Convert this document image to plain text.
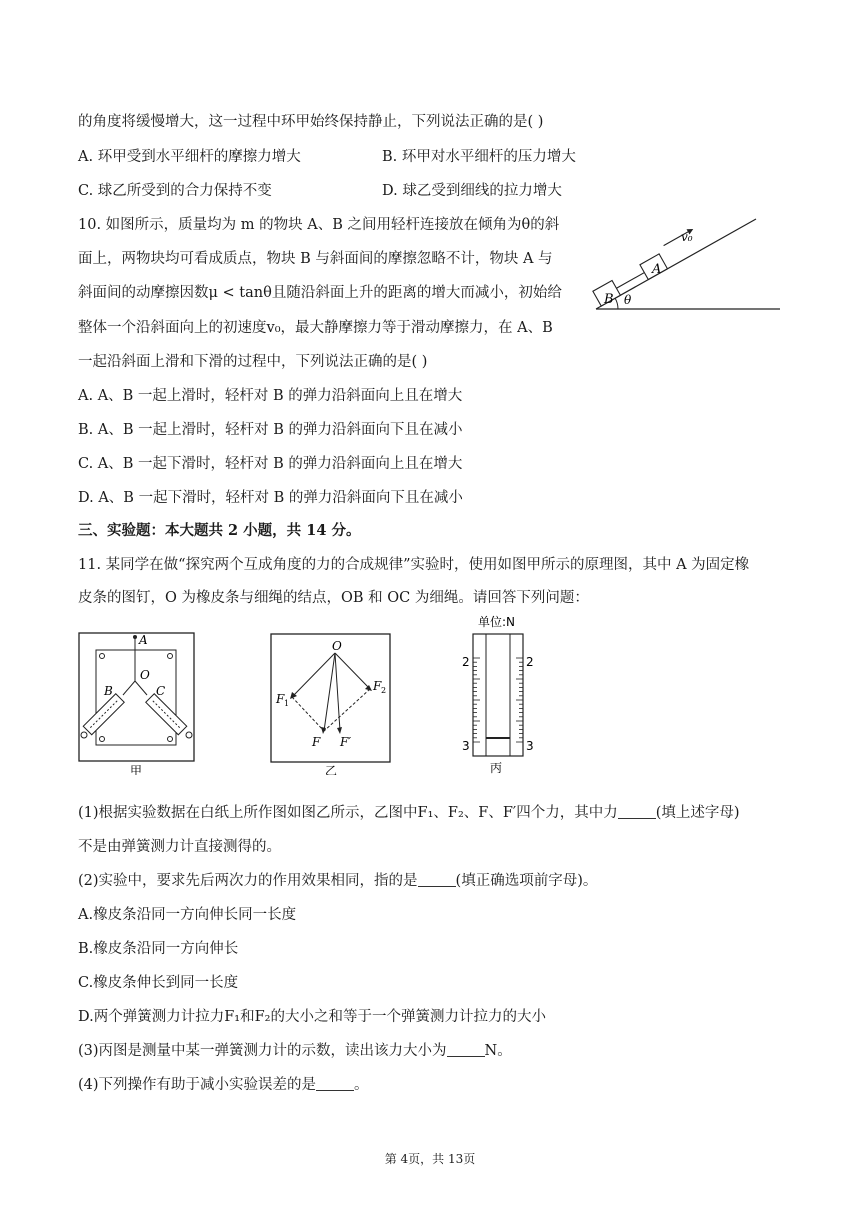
的角度将缓慢增大，这一过程中环甲始终保持静止，下列说法正确的是( )
A. 环甲受到水平细杆的摩擦力增大	B. 环甲对水平细杆的压力增大
C. 球乙所受到的合力保持不变	D. 球乙受到细线的拉力增大
10. 如图所示，质量均为 m 的物块 A、B 之间用轻杆连接放在倾角为θ的斜
面上，两物块均可看成质点，物块 B 与斜面间的摩擦忽略不计，物块 A 与
斜面间的动摩擦因数μ < tanθ且随沿斜面上升的距离的增大而减小，初始给
整体一个沿斜面向上的初速度v₀，最大静摩擦力等于滑动摩擦力，在 A、B
一起沿斜面上滑和下滑的过程中，下列说法正确的是( )
A. A、B 一起上滑时，轻杆对 B 的弹力沿斜面向上且在增大
B. A、B 一起上滑时，轻杆对 B 的弹力沿斜面向下且在减小
C. A、B 一起下滑时，轻杆对 B 的弹力沿斜面向上且在增大
D. A、B 一起下滑时，轻杆对 B 的弹力沿斜面向下且在减小
B
A
θ
v₀
三、实验题：本大题共 2 小题，共 14 分。
11. 某同学在做“探究两个互成角度的力的合成规律”实验时，使用如图甲所示的原理图，其中 A 为固定橡
皮条的图钉，O 为橡皮条与细绳的结点，OB 和 OC 为细绳。请回答下列问题：
A
O
B	C
甲
O
F 1
F 2
F F′
乙
单位:N
2	2
3	3
丙
(1)根据实验数据在白纸上所作图如图乙所示，乙图中F₁、F₂、F、F′四个力，其中力	(填上述字母)
不是由弹簧测力计直接测得的。
(2)实验中，要求先后两次力的作用效果相同，指的是	(填正确选项前字母)。
A.橡皮条沿同一方向伸长同一长度
B.橡皮条沿同一方向伸长
C.橡皮条伸长到同一长度
D.两个弹簧测力计拉力F₁和F₂的大小之和等于一个弹簧测力计拉力的大小
(3)丙图是测量中某一弹簧测力计的示数，读出该力大小为	N。
(4)下列操作有助于减小实验误差的是	。
第 4页，共 13页
